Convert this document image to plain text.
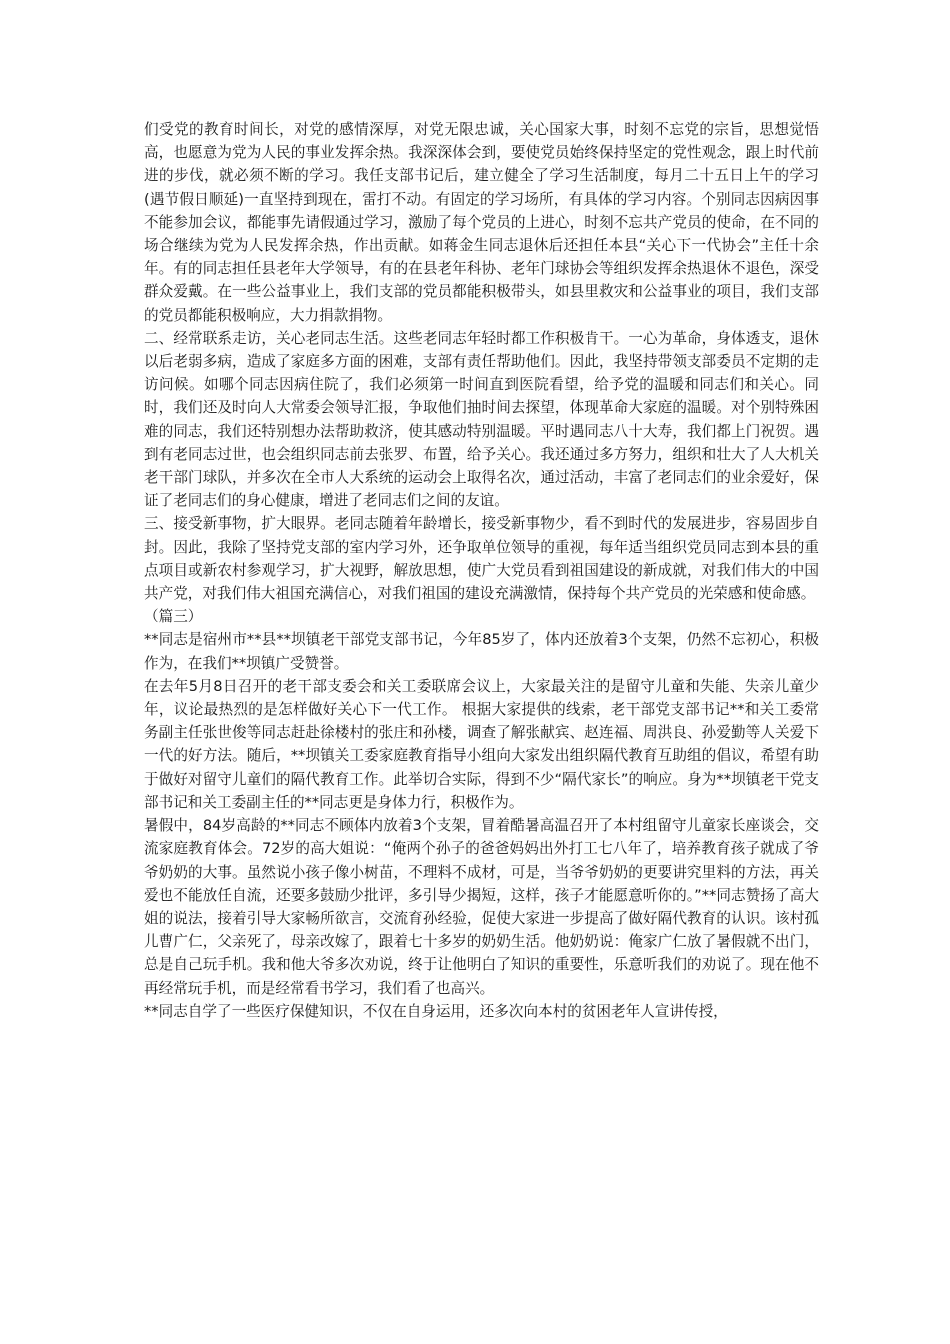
们受党的教育时间长，对党的感情深厚，对党无限忠诚，关心国家大事，时刻不忘党的宗旨，思想觉悟高，也愿意为党为人民的事业发挥余热。我深深体会到，要使党员始终保持坚定的党性观念，跟上时代前进的步伐，就必须不断的学习。我任支部书记后，建立健全了学习生活制度，每月二十五日上午的学习(遇节假日顺延)一直坚持到现在，雷打不动。有固定的学习场所，有具体的学习内容。个别同志因病因事不能参加会议，都能事先请假通过学习，激励了每个党员的上进心，时刻不忘共产党员的使命，在不同的场合继续为党为人民发挥余热，作出贡献。如蒋金生同志退休后还担任本县“关心下一代协会”主任十余年。有的同志担任县老年大学领导，有的在县老年科协、老年门球协会等组织发挥余热退休不退色，深受群众爱戴。在一些公益事业上，我们支部的党员都能积极带头，如县里救灾和公益事业的项目，我们支部的党员都能积极响应，大力捐款捐物。

二、经常联系走访，关心老同志生活。这些老同志年轻时都工作积极肯干。一心为革命，身体透支，退休以后老弱多病，造成了家庭多方面的困难，支部有责任帮助他们。因此，我坚持带领支部委员不定期的走访问候。如哪个同志因病住院了，我们必须第一时间直到医院看望，给予党的温暖和同志们和关心。同时，我们还及时向人大常委会领导汇报，争取他们抽时间去探望，体现革命大家庭的温暖。对个别特殊困难的同志，我们还特别想办法帮助救济，使其感动特别温暖。平时遇同志八十大寿，我们都上门祝贺。遇到有老同志过世，也会组织同志前去张罗、布置，给予关心。我还通过多方努力，组织和壮大了人大机关老干部门球队，并多次在全市人大系统的运动会上取得名次，通过活动，丰富了老同志们的业余爱好，保证了老同志们的身心健康，增进了老同志们之间的友谊。

三、接受新事物，扩大眼界。老同志随着年龄增长，接受新事物少，看不到时代的发展进步，容易固步自封。因此，我除了坚持党支部的室内学习外，还争取单位领导的重视，每年适当组织党员同志到本县的重点项目或新农村参观学习，扩大视野，解放思想，使广大党员看到祖国建设的新成就，对我们伟大的中国共产党，对我们伟大祖国充满信心，对我们祖国的建设充满激情，保持每个共产党员的光荣感和使命感。

（篇三）

**同志是宿州市**县**坝镇老干部党支部书记，今年85岁了，体内还放着3个支架，仍然不忘初心，积极作为，在我们**坝镇广受赞誉。

在去年5月8日召开的老干部支委会和关工委联席会议上，大家最关注的是留守儿童和失能、失亲儿童少年，议论最热烈的是怎样做好关心下一代工作。 根据大家提供的线索，老干部党支部书记**和关工委常务副主任张世俊等同志赶赴徐楼村的张庄和孙楼，调查了解张献宾、赵连福、周洪良、孙爱勤等人关爱下一代的好方法。随后，**坝镇关工委家庭教育指导小组向大家发出组织隔代教育互助组的倡议，希望有助于做好对留守儿童们的隔代教育工作。此举切合实际，得到不少“隔代家长”的响应。身为**坝镇老干党支部书记和关工委副主任的**同志更是身体力行，积极作为。

暑假中，84岁高龄的**同志不顾体内放着3个支架，冒着酷暑高温召开了本村组留守儿童家长座谈会，交流家庭教育体会。72岁的高大姐说：“俺两个孙子的爸爸妈妈出外打工七八年了，培养教育孩子就成了爷爷奶奶的大事。虽然说小孩子像小树苗，不理料不成材，可是，当爷爷奶奶的更要讲究里料的方法，再关爱也不能放任自流，还要多鼓励少批评，多引导少揭短，这样，孩子才能愿意听你的。”**同志赞扬了高大姐的说法，接着引导大家畅所欲言，交流育孙经验，促使大家进一步提高了做好隔代教育的认识。该村孤儿曹广仁，父亲死了，母亲改嫁了，跟着七十多岁的奶奶生活。他奶奶说：俺家广仁放了暑假就不出门，总是自己玩手机。我和他大爷多次劝说，终于让他明白了知识的重要性，乐意听我们的劝说了。现在他不再经常玩手机，而是经常看书学习，我们看了也高兴。

**同志自学了一些医疗保健知识，不仅在自身运用，还多次向本村的贫困老年人宣讲传授，
